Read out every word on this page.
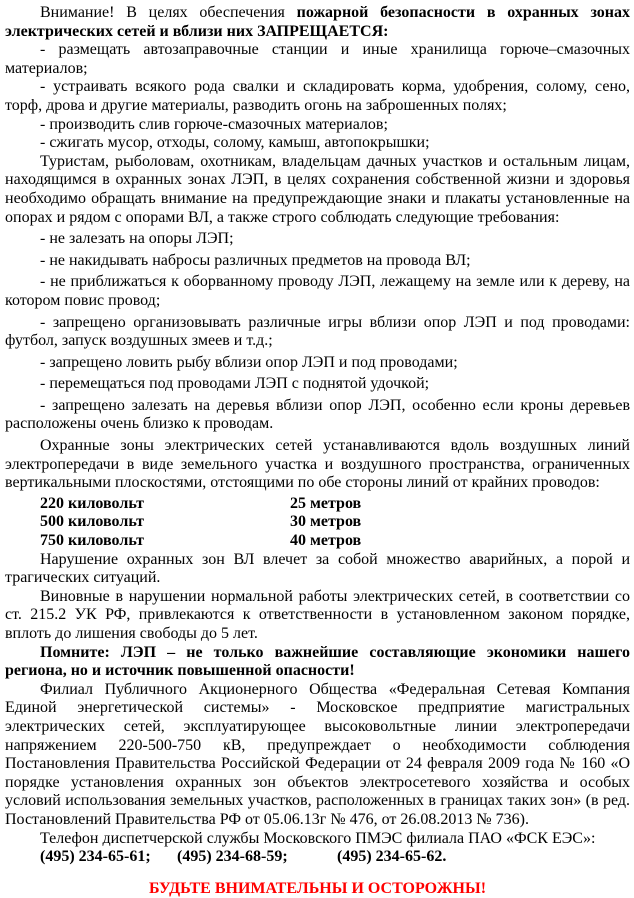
Внимание! В целях обеспечения пожарной безопасности в охранных зонах электрических сетей и вблизи них ЗАПРЕЩАЕТСЯ:

- размещать автозаправочные станции и иные хранилища горюче–смазочных материалов;

- устраивать всякого рода свалки и складировать корма, удобрения, солому, сено, торф, дрова и другие материалы, разводить огонь на заброшенных полях;

- производить слив горюче-смазочных материалов;

- сжигать мусор, отходы, солому, камыш, автопокрышки;

Туристам, рыболовам, охотникам, владельцам дачных участков и остальным лицам, находящимся в охранных зонах ЛЭП, в целях сохранения собственной жизни и здоровья необходимо обращать внимание на предупреждающие знаки и плакаты установленные на опорах и рядом с опорами ВЛ, а также строго соблюдать следующие требования:

- не залезать на опоры ЛЭП;

- не накидывать набросы различных предметов на провода ВЛ;

- не приближаться к оборванному проводу ЛЭП, лежащему на земле или к дереву, на котором повис провод;

- запрещено организовывать различные игры вблизи опор ЛЭП и под проводами: футбол, запуск воздушных змеев и т.д.;

- запрещено ловить рыбу вблизи опор ЛЭП и под проводами;

- перемещаться под проводами ЛЭП с поднятой удочкой;

- запрещено залезать на деревья вблизи опор ЛЭП, особенно если кроны деревьев расположены очень близко к проводам.

Охранные зоны электрических сетей устанавливаются вдоль воздушных линий электропередачи в виде земельного участка и воздушного пространства, ограниченных вертикальными плоскостями, отстоящими по обе стороны линий от крайних проводов:

220 киловольт	25 метров
500 киловольт	30 метров
750 киловольт	40 метров

Нарушение охранных зон ВЛ влечет за собой множество аварийных, а порой и трагических ситуаций.

Виновные в нарушении нормальной работы электрических сетей, в соответствии со ст. 215.2 УК РФ, привлекаются к ответственности в установленном законом порядке, вплоть до лишения свободы до 5 лет.

Помните: ЛЭП – не только важнейшие составляющие экономики нашего региона, но и источник повышенной опасности!

Филиал Публичного Акционерного Общества «Федеральная Сетевая Компания Единой энергетической системы» - Московское предприятие магистральных электрических сетей, эксплуатирующее высоковольтные линии электропередачи напряжением 220-500-750 кВ, предупреждает о необходимости соблюдения Постановления Правительства Российской Федерации от 24 февраля 2009 года № 160 «О порядке установления охранных зон объектов электросетевого хозяйства и особых условий использования земельных участков, расположенных в границах таких зон» (в ред. Постановлений Правительства РФ от 05.06.13г № 476, от 26.08.2013 № 736).

Телефон диспетчерской службы Московского ПМЭС филиала ПАО «ФСК ЕЭС»:

(495) 234-65-61;	(495) 234-68-59;	(495) 234-65-62.

БУДЬТЕ ВНИМАТЕЛЬНЫ И ОСТОРОЖНЫ!
